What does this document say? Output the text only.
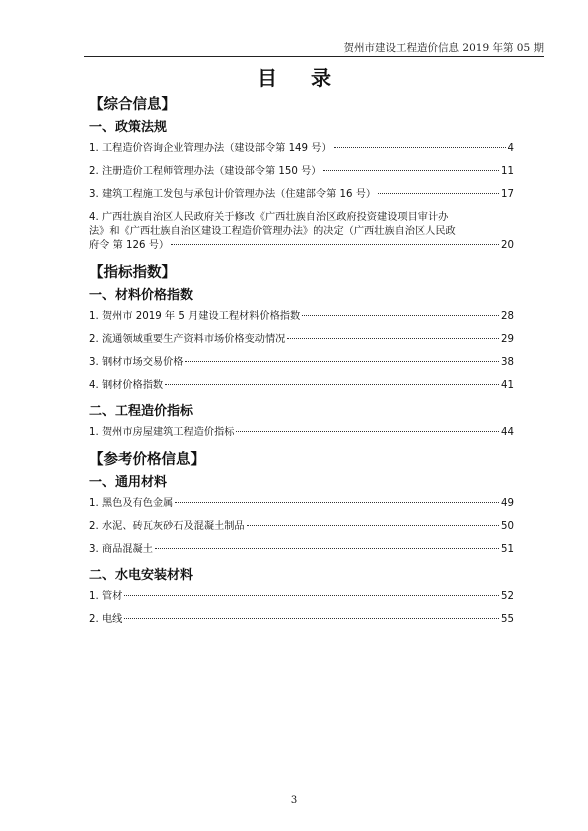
贺州市建设工程造价信息 2019 年第 05 期
目录
【综合信息】
一、政策法规
1. 工程造价咨询企业管理办法（建设部令第 149 号）	4
2. 注册造价工程师管理办法（建设部令第 150 号）	11
3. 建筑工程施工发包与承包计价管理办法（住建部令第 16 号）	17
4. 广西壮族自治区人民政府关于修改《广西壮族自治区政府投资建设项目审计办
法》和《广西壮族自治区建设工程造价管理办法》的决定（广西壮族自治区人民政
府令 第 126 号）	20
【指标指数】
一、材料价格指数
1. 贺州市 2019 年 5 月建设工程材料价格指数	28
2. 流通领域重要生产资料市场价格变动情况	29
3. 钢材市场交易价格	38
4. 钢材价格指数	41
二、工程造价指标
1. 贺州市房屋建筑工程造价指标	44
【参考价格信息】
一、通用材料
1. 黑色及有色金属	49
2. 水泥、砖瓦灰砂石及混凝土制品	50
3. 商品混凝土	51
二、水电安装材料
1. 管材	52
2. 电线	55
3
